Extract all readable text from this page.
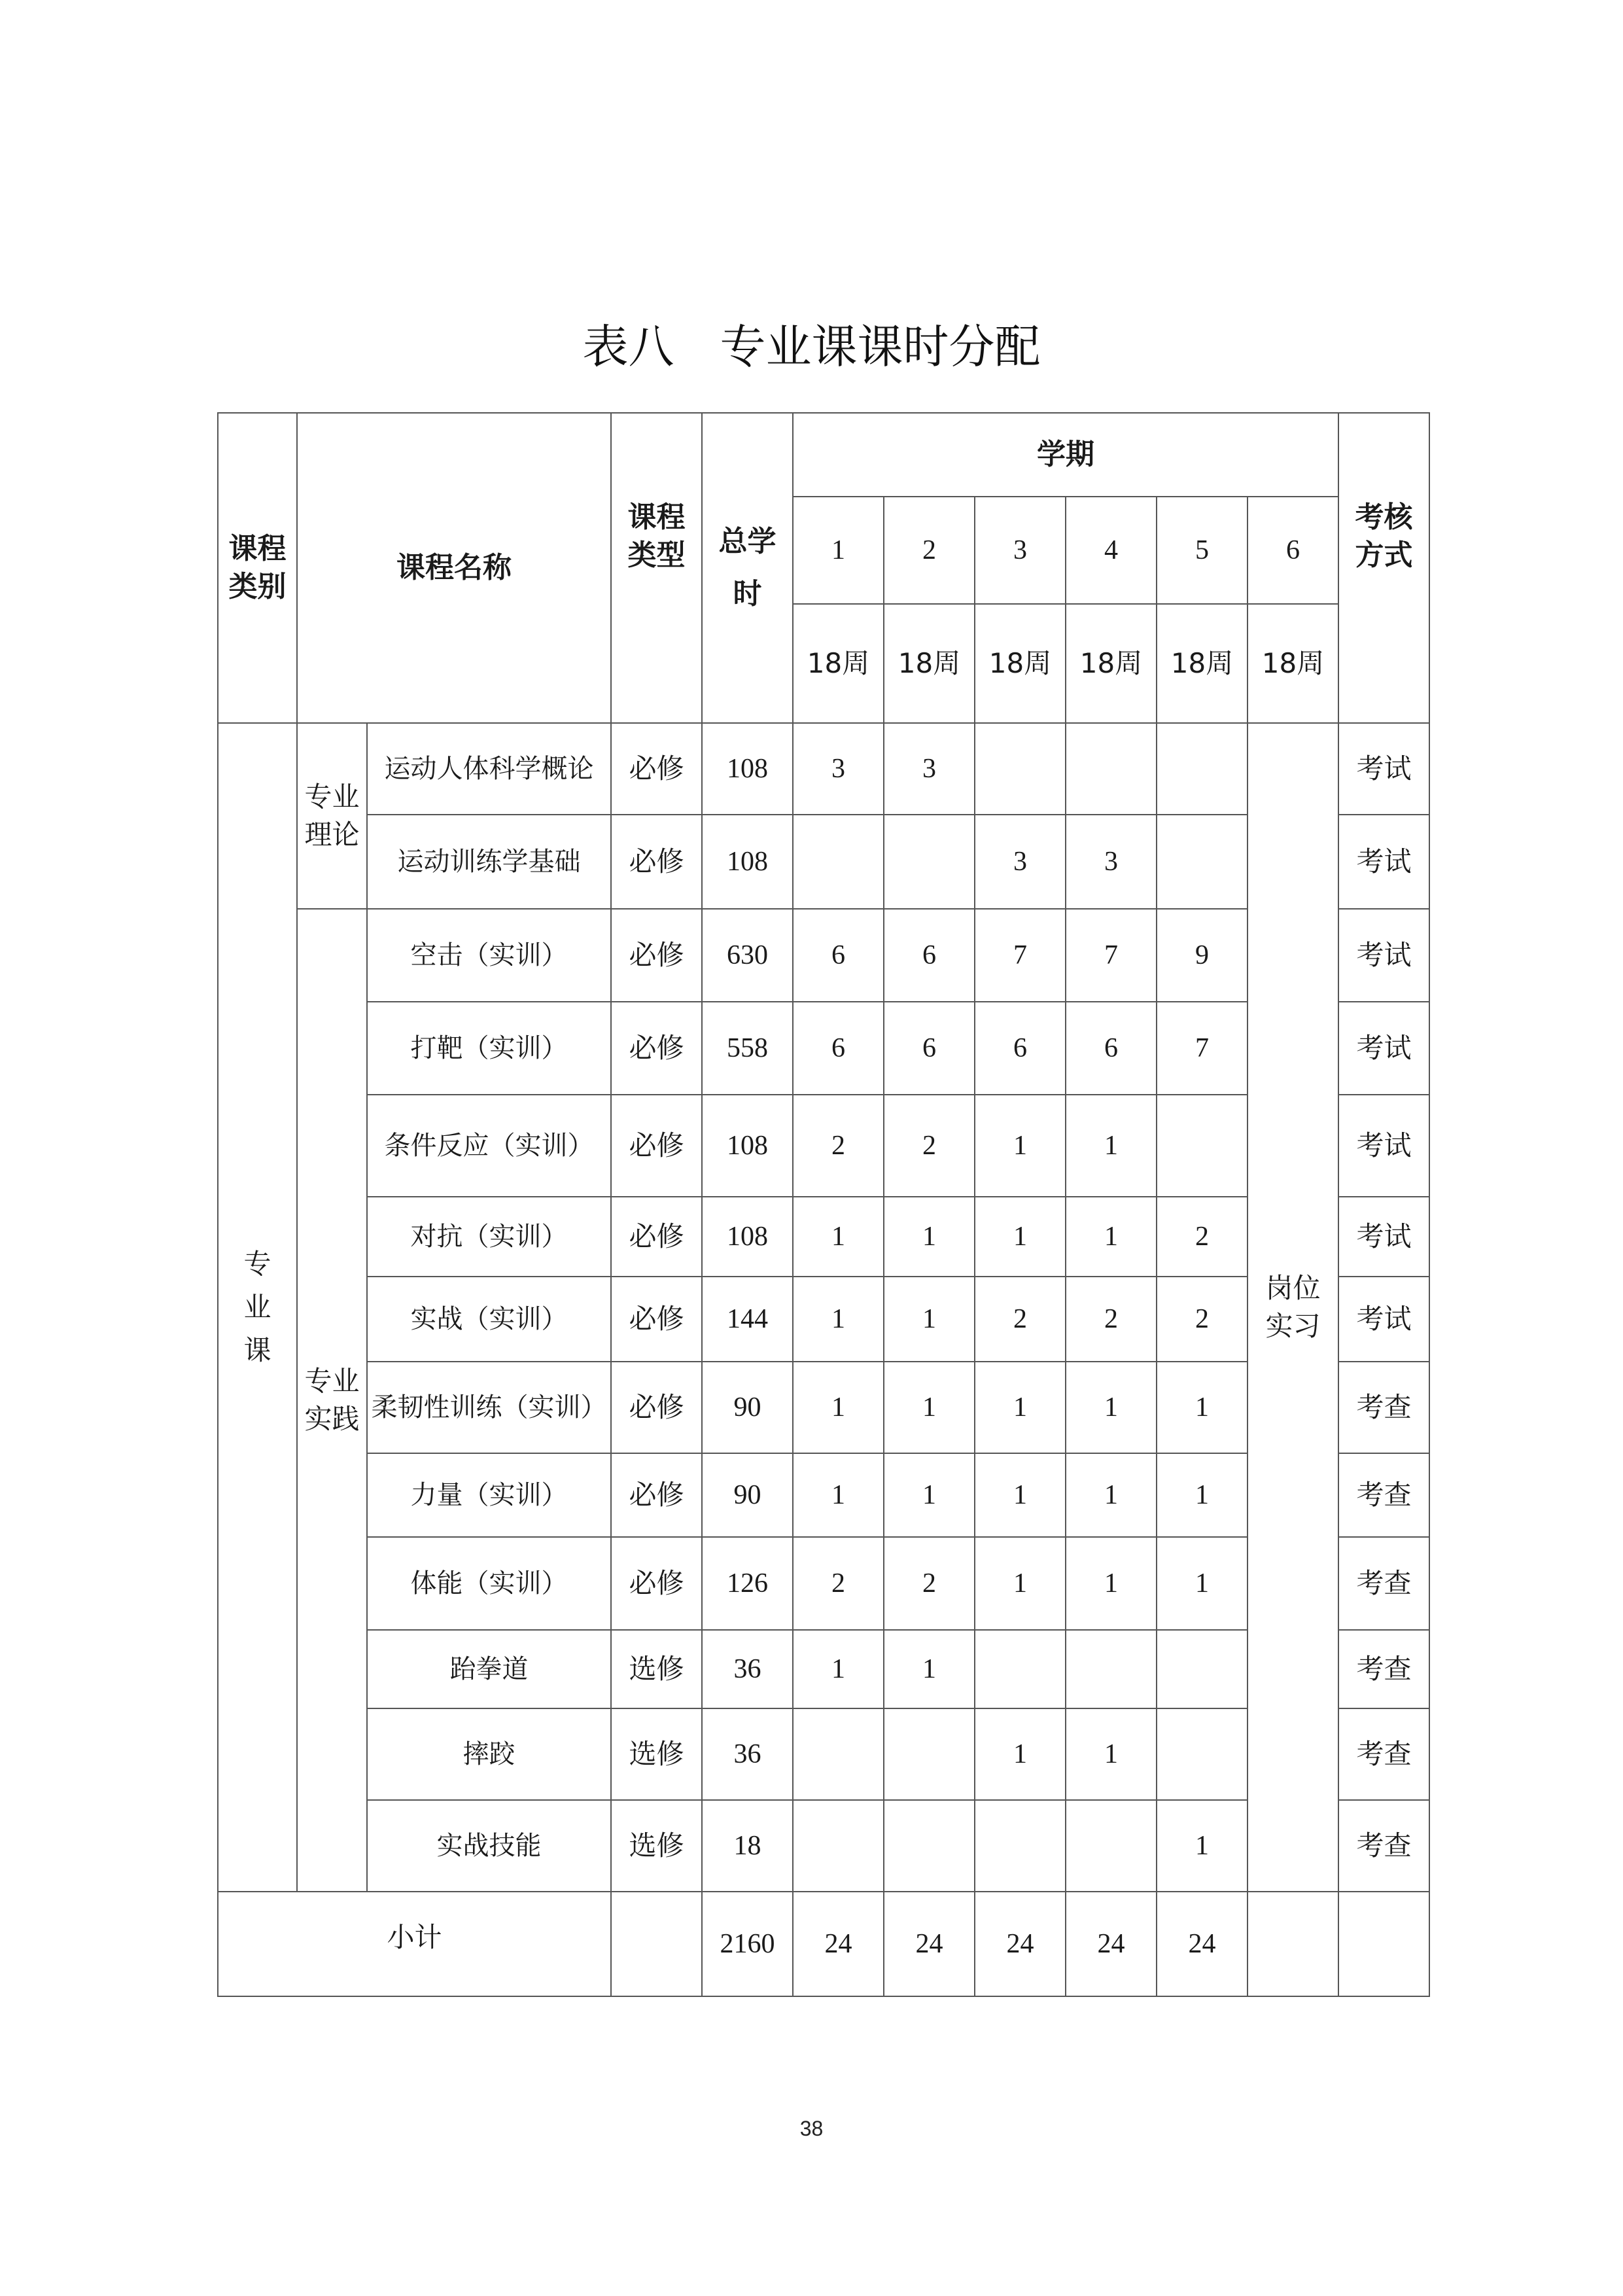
表八　专业课课时分配
课程类别	课程名称		课程类型	总学时	学期						考核方式
					1	2	3	4	5	6	
					18周	18周	18周	18周	18周	18周	
专业课	专业理论	运动人体科学概论	必修	108	3	3				岗位实习	考试
		运动训练学基础	必修	108			3	3			考试
	专业实践	空击（实训）	必修	630	6	6	7	7	9		考试
		打靶（实训）	必修	558	6	6	6	6	7		考试
		条件反应（实训）	必修	108	2	2	1	1			考试
		对抗（实训）	必修	108	1	1	1	1	2		考试
		实战（实训）	必修	144	1	1	2	2	2		考试
		柔韧性训练（实训）	必修	90	1	1	1	1	1		考查
		力量（实训）	必修	90	1	1	1	1	1		考查
		体能（实训）	必修	126	2	2	1	1	1		考查
		跆拳道	选修	36	1	1					考查
		摔跤	选修	36			1	1			考查
		实战技能	选修	18					1		考查
小计				2160	24	24	24	24	24		
38
